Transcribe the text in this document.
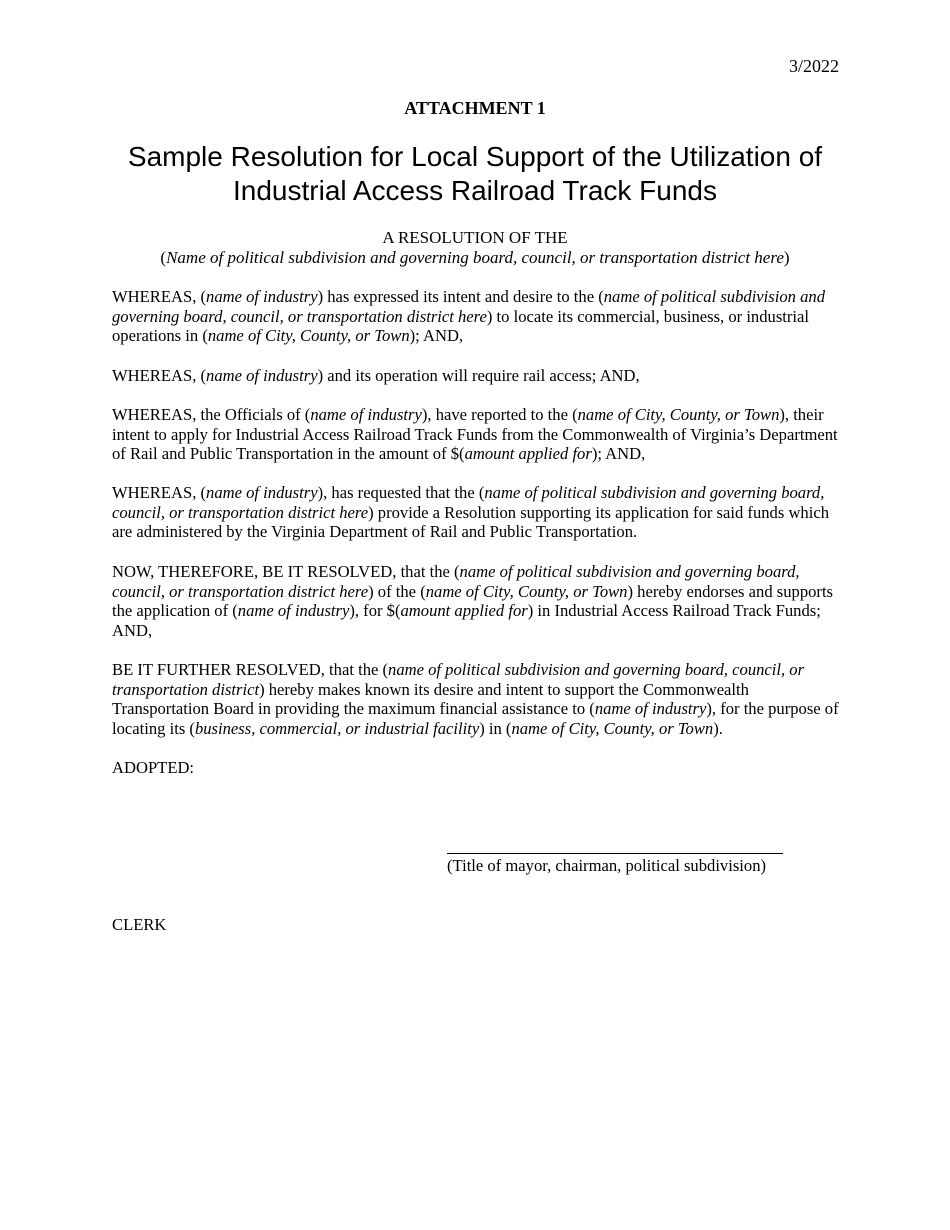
3/2022
ATTACHMENT 1
Sample Resolution for Local Support of the Utilization of
Industrial Access Railroad Track Funds
A RESOLUTION OF THE
(Name of political subdivision and governing board, council, or transportation district here)

WHEREAS, (name of industry) has expressed its intent and desire to the (name of political subdivision and governing board, council, or transportation district here) to locate its commercial, business, or industrial operations in (name of City, County, or Town); AND,

WHEREAS, (name of industry) and its operation will require rail access; AND,

WHEREAS, the Officials of (name of industry), have reported to the (name of City, County, or Town), their intent to apply for Industrial Access Railroad Track Funds from the Commonwealth of Virginia’s Department of Rail and Public Transportation in the amount of $(amount applied for); AND,

WHEREAS, (name of industry), has requested that the (name of political subdivision and governing board, council, or transportation district here) provide a Resolution supporting its application for said funds which are administered by the Virginia Department of Rail and Public Transportation.

NOW, THEREFORE, BE IT RESOLVED, that the (name of political subdivision and governing board, council, or transportation district here) of the (name of City, County, or Town) hereby endorses and supports the application of (name of industry), for $(amount applied for) in Industrial Access Railroad Track Funds; AND,

BE IT FURTHER RESOLVED, that the (name of political subdivision and governing board, council, or transportation district) hereby makes known its desire and intent to support the Commonwealth Transportation Board in providing the maximum financial assistance to (name of industry), for the purpose of locating its (business, commercial, or industrial facility) in (name of City, County, or Town).

ADOPTED:
(Title of mayor, chairman, political subdivision)
CLERK
